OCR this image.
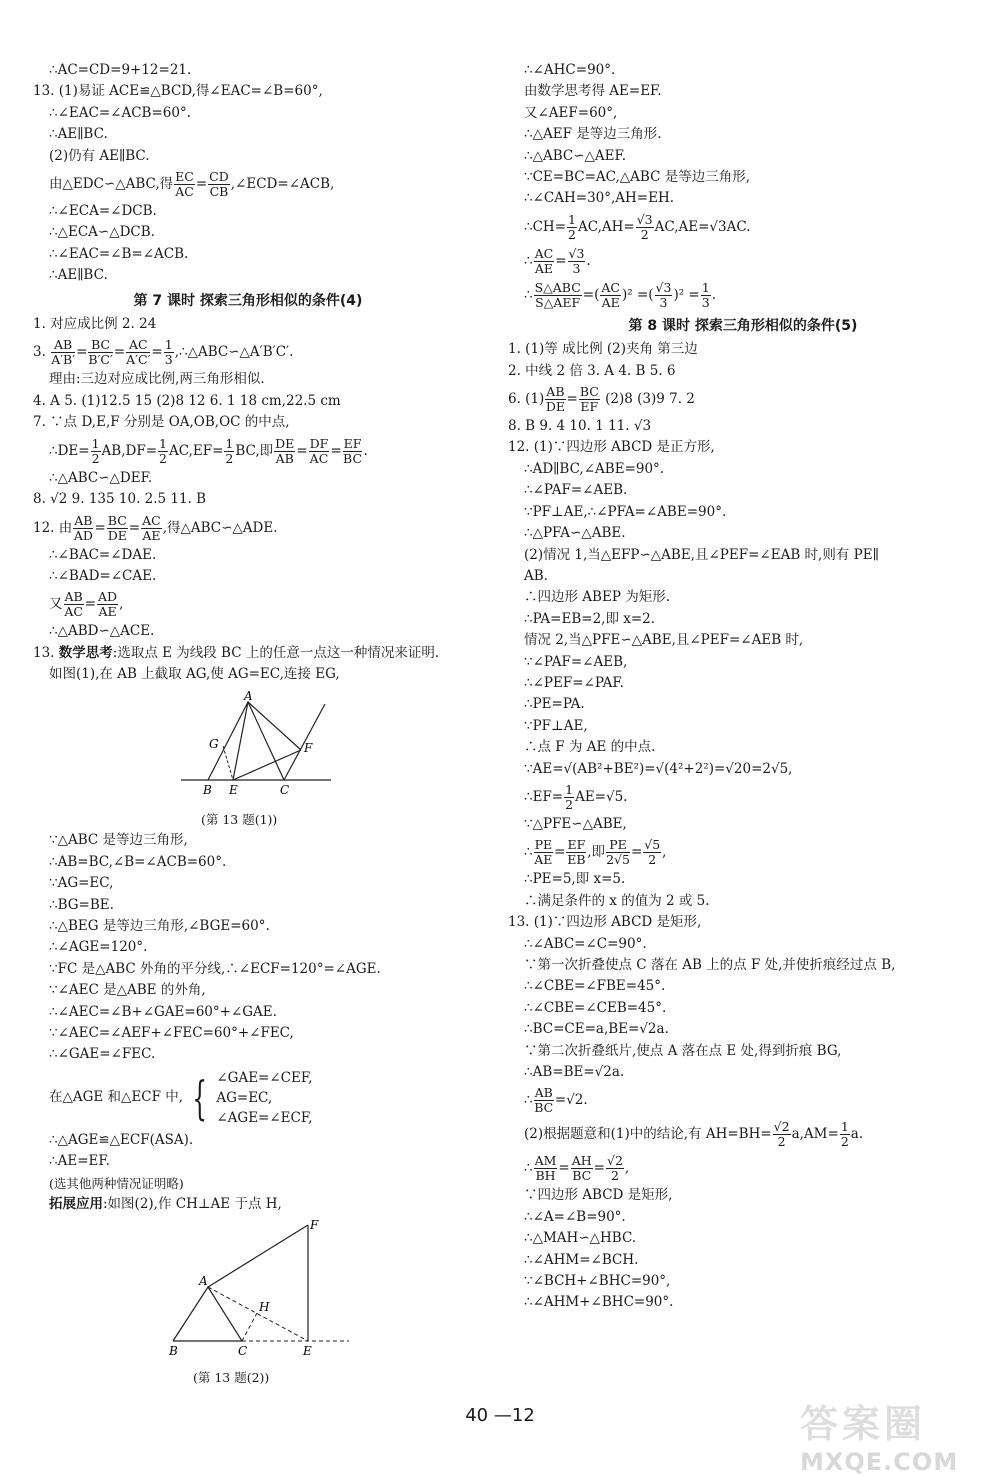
∴AC=CD=9+12=21.
13. (1)易证 ACE≌△BCD,得∠EAC=∠B=60°,
∴∠EAC=∠ACB=60°.
∴AE∥BC.
(2)仍有 AE∥BC.
由△EDC∽△ABC,得 $\frac{EC}{AC} = \frac{CD}{CB}$ ,∠ECD=∠ACB,
∴∠ECA=∠DCB.
∴△ECA∽△DCB.
∴∠EAC=∠B=∠ACB.
∴AE∥BC.
第 7 课时 探索三角形相似的条件(4)
1. 对应成比例 2. 24
3. $\frac{AB}{A'B'} = \frac{BC}{B'C'} = \frac{AC}{A'C'} = \frac{1}{3}$ ,∴△ABC∽△A′B′C′.
理由:三边对应成比例,两三角形相似.
4. A 5. (1)12.5 15 (2)8 12 6. 1 18 cm,22.5 cm
7. ∵点 D,E,F 分别是 OA,OB,OC 的中点,
∴DE= $\frac{1}{2} AB,DF= \frac{1}{2} AC,EF= \frac{1}{2}$ BC,即 $\frac{DE}{AB} = \frac{DF}{AC} = \frac{EF}{BC}$ .
∴△ABC∽△DEF.
8. √2 9. 135 10. 2.5 11. B
12. 由 $\frac{AB}{AD} = \frac{BC}{DE} = \frac{AC}{AE}$ ,得△ABC∽△ADE.
∴∠BAC=∠DAE.
∴∠BAD=∠CAE.
又 $\frac{AB}{AC} = \frac{AD}{AE}$ ,
∴△ABD∽△ACE.
13. 数学思考:选取点 E 为线段 BC 上的任意一点这一种情况来证明.
如图(1),在 AB 上截取 AG,使 AG=EC,连接 EG,
A
G	F
B E	C
(第 13 题(1))
∵△ABC 是等边三角形,
∴AB=BC,∠B=∠ACB=60°.
∵AG=EC,
∴BG=BE.
∴△BEG 是等边三角形,∠BGE=60°.
∴∠AGE=120°.
∵FC 是△ABC 外角的平分线,∴∠ECF=120°=∠AGE.
∵∠AEC 是△ABE 的外角,
∴∠AEC=∠B+∠GAE=60°+∠GAE.
∵∠AEC=∠AEF+∠FEC=60°+∠FEC,
∴∠GAE=∠FEC.
在△AGE 和△ECF 中, { ∠GAE=∠CEF,
AG=EC,
∠AGE=∠ECF,
∴△AGE≌△ECF(ASA).
∴AE=EF.
(选其他两种情况证明略)
拓展应用:如图(2),作 CH⊥AE 于点 H,
F
A
H
B	C	E
(第 13 题(2))
∴∠AHC=90°.
由数学思考得 AE=EF.
又∠AEF=60°,
∴△AEF 是等边三角形.
∴△ABC∽△AEF.
∵CE=BC=AC,△ABC 是等边三角形,
∴∠CAH=30°,AH=EH.
∴CH= $\frac{1}{2} AC,AH= \frac{√3}{2} AC,AE=√3AC$.
∴ $\frac{AC}{AE} = \frac{√3}{3}$ .
∴ S△ABC
S△AEF =( $\frac{AC}{AE} )^2$ =( $\frac{√3}{3} )^2 = \frac{1}{3}$ .
第 8 课时 探索三角形相似的条件(5)
1. (1)等 成比例 (2)夹角 第三边
2. 中线 2 倍 3. A 4. B 5. 6
6. $(1) \frac{AB}{DE} = \frac{BC}{EF} (2)8$ (3)9 7. 2
8. B 9. 4 10. 1 11. √3
12. (1)∵四边形 ABCD 是正方形,
∴AD∥BC,∠ABE=90°.
∴∠PAF=∠AEB.
∵PF⊥AE,∴∠PFA=∠ABE=90°.
∴△PFA∽△ABE.
(2)情况 1,当△EFP∽△ABE,且∠PEF=∠EAB 时,则有 PE∥
AB.
∴四边形 ABEP 为矩形.
∴PA=EB=2,即 x=2.
情况 2,当△PFE∽△ABE,且∠PEF=∠AEB 时,
∵∠PAF=∠AEB,
∴∠PEF=∠PAF.
∴PE=PA.
∵PF⊥AE,
∴点 F 为 AE 的中点.
∵AE=√(AB²+BE²)=√(4²+2²)=√20=2√5,
∴EF= $\frac{1}{2} AE=√5$.
∵△PFE∽△ABE,
∴ $\frac{PE}{AE} = \frac{EF}{EB}$ ,即 $\frac{PE}{2√5} = \frac{√5}{2}$ ,
∴PE=5,即 x=5.
∴满足条件的 x 的值为 2 或 5.
13. (1)∵四边形 ABCD 是矩形,
∴∠ABC=∠C=90°.
∵第一次折叠使点 C 落在 AB 上的点 F 处,并使折痕经过点 B,
∴∠CBE=∠FBE=45°.
∴∠CBE=∠CEB=45°.
∴BC=CE=a,BE=√2a.
∵第二次折叠纸片,使点 A 落在点 E 处,得到折痕 BG,
∴AB=BE=√2a.
∴ $\frac{AB}{BC} =√2$.
(2)根据题意和(1)中的结论,有 $AH=BH= \frac{√2}{2} a,AM= \frac{1}{2} a$.
∴ $\frac{AM}{BH} = \frac{AH}{BC} = \frac{√2}{2}$ ,
∵四边形 ABCD 是矩形,
∴∠A=∠B=90°.
∴△MAH∽△HBC.
∴∠AHM=∠BCH.
∵∠BCH+∠BHC=90°,
∴∠AHM+∠BHC=90°.
40 —12	答案圈
MXQE.COM
